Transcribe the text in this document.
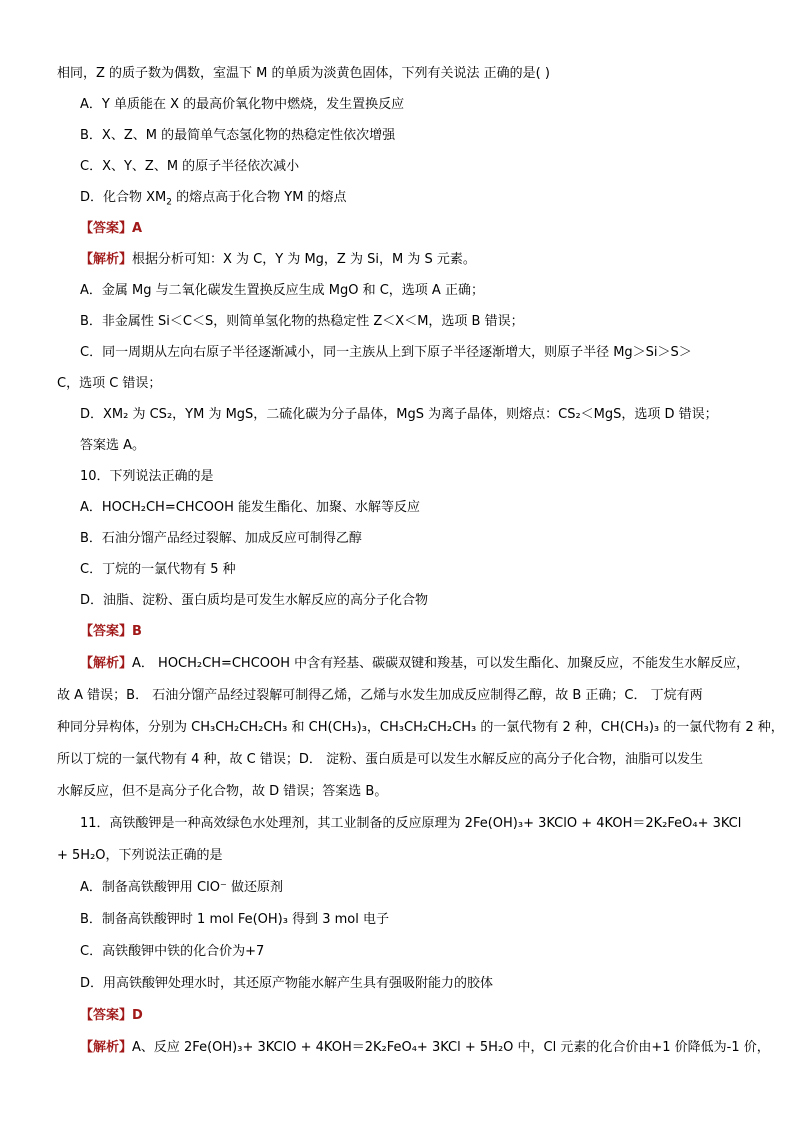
相同，Z 的质子数为偶数，室温下 M 的单质为淡黄色固体，下列有关说法 正确的是( )
A．Y 单质能在 X 的最高价氧化物中燃烧，发生置换反应
B．X、Z、M 的最简单气态氢化物的热稳定性依次增强
C．X、Y、Z、M 的原子半径依次减小
D．化合物 $XM_2$ 的熔点高于化合物 YM 的熔点
【答案】A
【解析】根据分析可知：X 为 C，Y 为 Mg，Z 为 Si，M 为 S 元素。
A．金属 Mg 与二氧化碳发生置换反应生成 MgO 和 C，选项 A 正确；
B．非金属性 Si＜C＜S，则简单氢化物的热稳定性 Z＜X＜M，选项 B 错误；
C．同一周期从左向右原子半径逐渐减小，同一主族从上到下原子半径逐渐增大，则原子半径 Mg＞Si＞S＞
C，选项 C 错误；
D．XM₂ 为 CS₂，YM 为 MgS，二硫化碳为分子晶体，MgS 为离子晶体，则熔点：CS₂＜MgS，选项 D 错误；
答案选 A。
10．下列说法正确的是
A．HOCH₂CH=CHCOOH 能发生酯化、加聚、水解等反应
B．石油分馏产品经过裂解、加成反应可制得乙醇
C．丁烷的一氯代物有 5 种
D．油脂、淀粉、蛋白质均是可发生水解反应的高分子化合物
【答案】B
【解析】A． HOCH₂CH=CHCOOH 中含有羟基、碳碳双键和羧基，可以发生酯化、加聚反应，不能发生水解反应，
故 A 错误；B． 石油分馏产品经过裂解可制得乙烯，乙烯与水发生加成反应制得乙醇，故 B 正确；C． 丁烷有两
种同分异构体，分别为 CH₃CH₂CH₂CH₃ 和 CH(CH₃)₃，CH₃CH₂CH₂CH₃ 的一氯代物有 2 种，CH(CH₃)₃ 的一氯代物有 2 种，
所以丁烷的一氯代物有 4 种，故 C 错误；D． 淀粉、蛋白质是可以发生水解反应的高分子化合物，油脂可以发生
水解反应，但不是高分子化合物，故 D 错误；答案选 B。
11．高铁酸钾是一种高效绿色水处理剂，其工业制备的反应原理为 2Fe(OH)₃+ 3KClO + 4KOH＝2K₂FeO₄+ 3KCl
+ 5H₂O，下列说法正确的是
A．制备高铁酸钾用 ClO⁻ 做还原剂
B．制备高铁酸钾时 1 mol Fe(OH)₃ 得到 3 mol 电子
C．高铁酸钾中铁的化合价为+7
D．用高铁酸钾处理水时，其还原产物能水解产生具有强吸附能力的胶体
【答案】D
【解析】A、反应 2Fe(OH)₃+ 3KClO + 4KOH＝2K₂FeO₄+ 3KCl + 5H₂O 中，Cl 元素的化合价由+1 价降低为-1 价，
